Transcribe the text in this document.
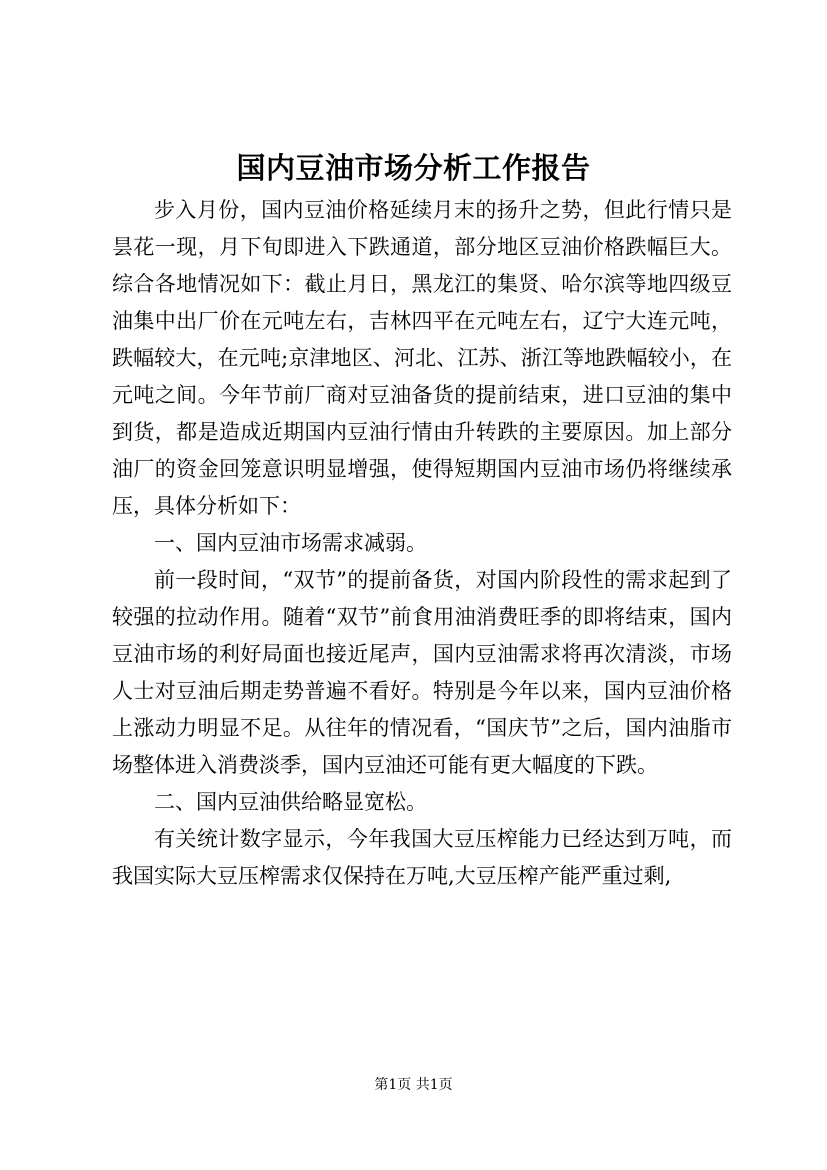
国内豆油市场分析工作报告

步入月份，国内豆油价格延续月末的扬升之势，但此行情只是昙花一现，月下旬即进入下跌通道，部分地区豆油价格跌幅巨大。综合各地情况如下：截止月日，黑龙江的集贤、哈尔滨等地四级豆油集中出厂价在元吨左右，吉林四平在元吨左右，辽宁大连元吨，跌幅较大，在元吨;京津地区、河北、江苏、浙江等地跌幅较小，在元吨之间。今年节前厂商对豆油备货的提前结束，进口豆油的集中到货，都是造成近期国内豆油行情由升转跌的主要原因。加上部分油厂的资金回笼意识明显增强，使得短期国内豆油市场仍将继续承压，具体分析如下：

一、国内豆油市场需求减弱。

前一段时间，“双节”的提前备货，对国内阶段性的需求起到了较强的拉动作用。随着“双节”前食用油消费旺季的即将结束，国内豆油市场的利好局面也接近尾声，国内豆油需求将再次清淡，市场人士对豆油后期走势普遍不看好。特别是今年以来，国内豆油价格上涨动力明显不足。从往年的情况看，“国庆节”之后，国内油脂市场整体进入消费淡季，国内豆油还可能有更大幅度的下跌。

二、国内豆油供给略显宽松。

有关统计数字显示，今年我国大豆压榨能力已经达到万吨，而我国实际大豆压榨需求仅保持在万吨,大豆压榨产能严重过剩,

第1页 共1页
